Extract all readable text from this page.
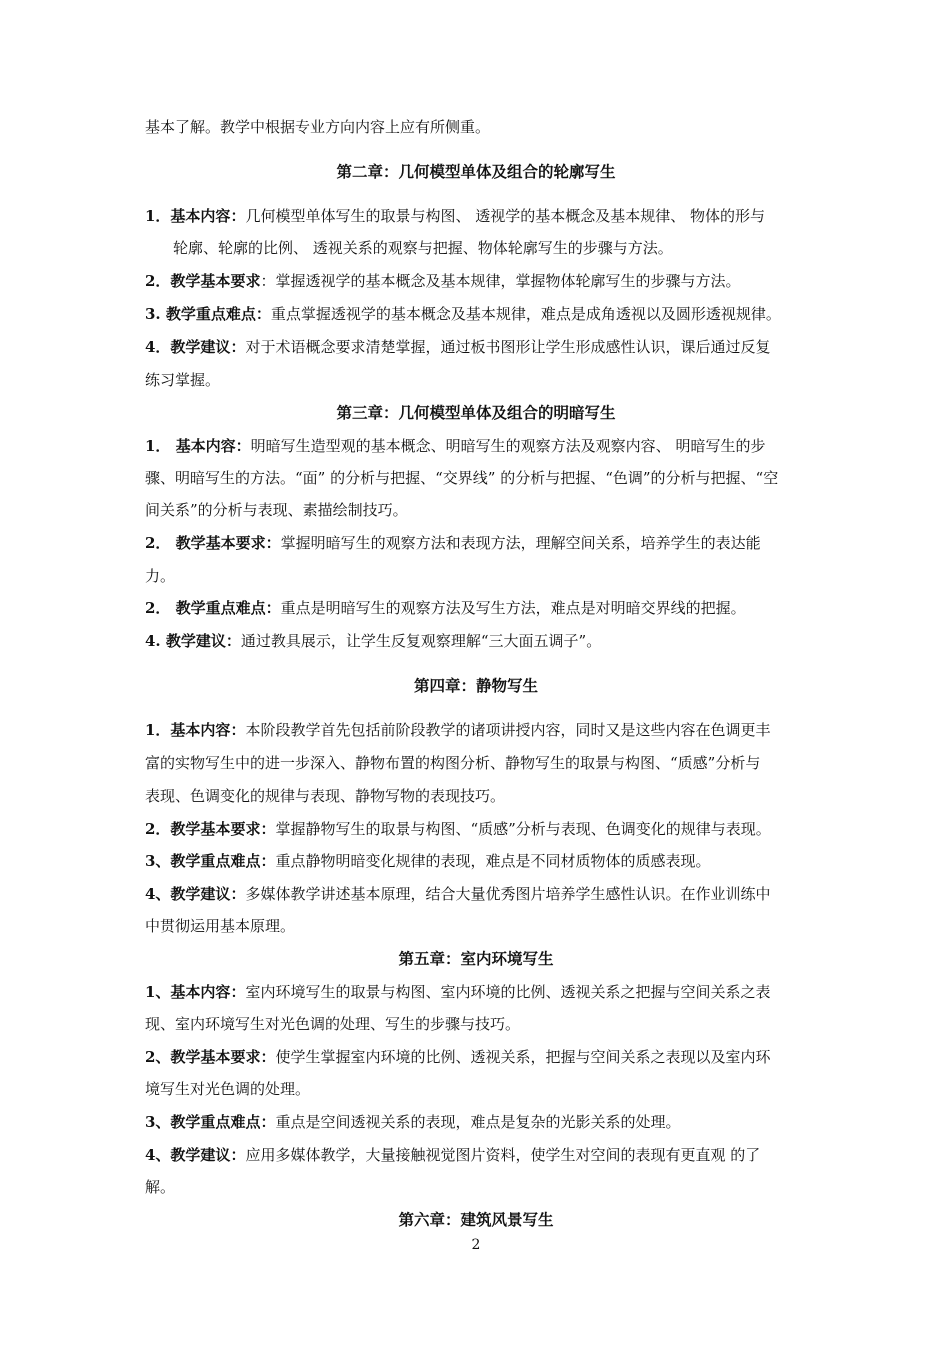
基本了解。教学中根据专业方向内容上应有所侧重。
第二章：几何模型单体及组合的轮廓写生
1．基本内容：几何模型单体写生的取景与构图、 透视学的基本概念及基本规律、 物体的形与
轮廓、轮廓的比例、 透视关系的观察与把握、物体轮廓写生的步骤与方法。
2．教学基本要求：掌握透视学的基本概念及基本规律，掌握物体轮廓写生的步骤与方法。
3. 教学重点难点：重点掌握透视学的基本概念及基本规律，难点是成角透视以及圆形透视规律。
4．教学建议：对于术语概念要求清楚掌握，通过板书图形让学生形成感性认识，课后通过反复
练习掌握。
第三章：几何模型单体及组合的明暗写生
1． 基本内容：明暗写生造型观的基本概念、明暗写生的观察方法及观察内容、 明暗写生的步
骤、明暗写生的方法。“面” 的分析与把握、“交界线” 的分析与把握、“色调”的分析与把握、“空
间关系”的分析与表现、素描绘制技巧。
2． 教学基本要求：掌握明暗写生的观察方法和表现方法，理解空间关系，培养学生的表达能
力。
2． 教学重点难点：重点是明暗写生的观察方法及写生方法，难点是对明暗交界线的把握。
4. 教学建议：通过教具展示，让学生反复观察理解“三大面五调子”。
第四章：静物写生
1．基本内容：本阶段教学首先包括前阶段教学的诸项讲授内容，同时又是这些内容在色调更丰
富的实物写生中的进一步深入、静物布置的构图分析、静物写生的取景与构图、“质感”分析与
表现、色调变化的规律与表现、静物写物的表现技巧。
2．教学基本要求：掌握静物写生的取景与构图、“质感”分析与表现、色调变化的规律与表现。
3、教学重点难点：重点静物明暗变化规律的表现，难点是不同材质物体的质感表现。
4、教学建议：多媒体教学讲述基本原理，结合大量优秀图片培养学生感性认识。在作业训练中
中贯彻运用基本原理。
第五章：室内环境写生
1、基本内容：室内环境写生的取景与构图、室内环境的比例、透视关系之把握与空间关系之表
现、室内环境写生对光色调的处理、写生的步骤与技巧。
2、教学基本要求：使学生掌握室内环境的比例、透视关系，把握与空间关系之表现以及室内环
境写生对光色调的处理。
3、教学重点难点：重点是空间透视关系的表现，难点是复杂的光影关系的处理。
4、教学建议：应用多媒体教学，大量接触视觉图片资料，使学生对空间的表现有更直观 的了
解。
第六章：建筑风景写生
2
